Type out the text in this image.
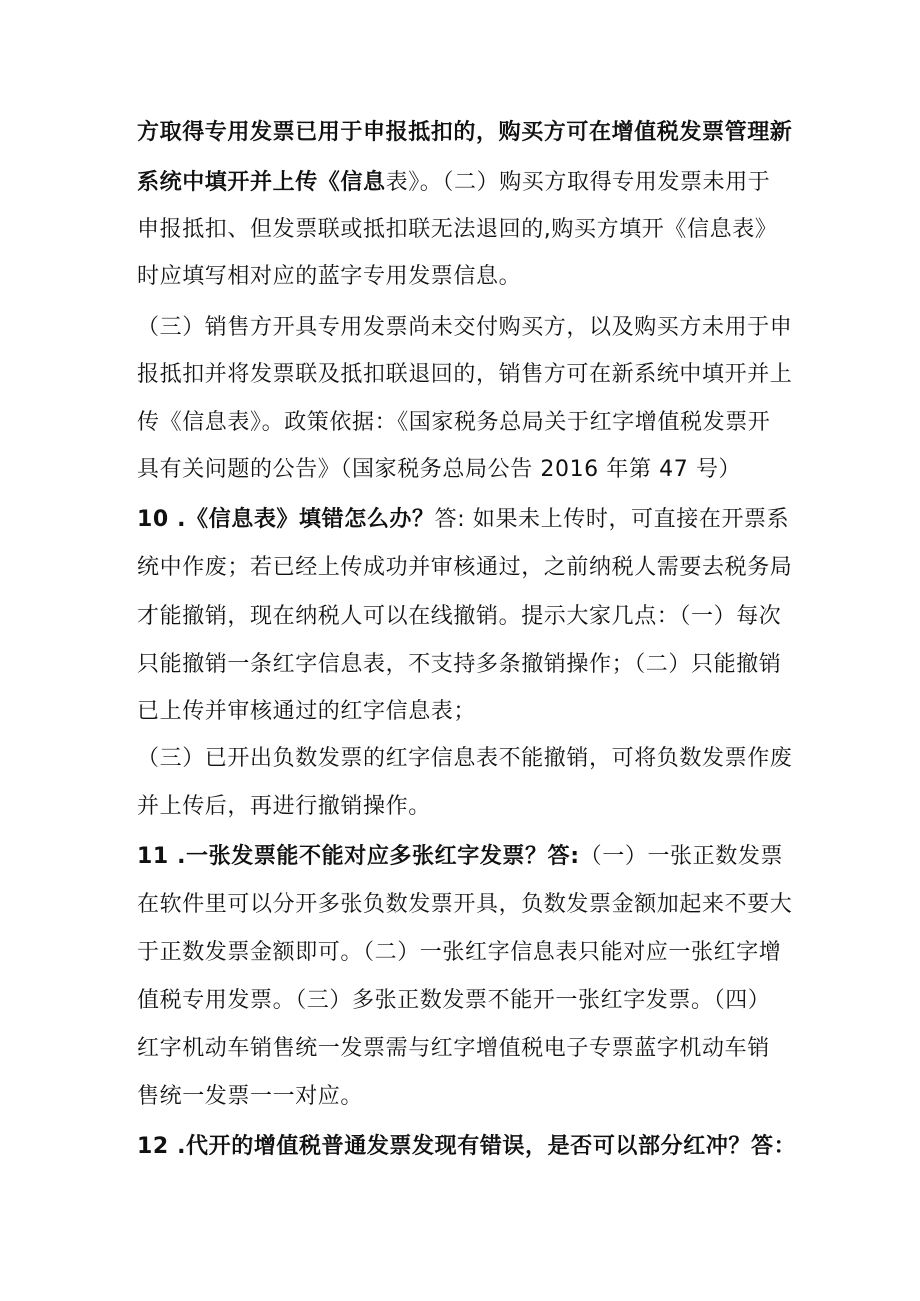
方取得专用发票已用于申报抵扣的，购买方可在增值税发票管理新
系统中填开并上传《信息表》。（二）购买方取得专用发票未用于
申报抵扣、但发票联或抵扣联无法退回的,购买方填开《信息表》
时应填写相对应的蓝字专用发票信息。
（三）销售方开具专用发票尚未交付购买方，以及购买方未用于申
报抵扣并将发票联及抵扣联退回的，销售方可在新系统中填开并上
传《信息表》。政策依据：《国家税务总局关于红字增值税发票开
具有关问题的公告》（国家税务总局公告 2016 年第 47 号）
10 .《信息表》填错怎么办？答: 如果未上传时，可直接在开票系
统中作废；若已经上传成功并审核通过，之前纳税人需要去税务局
才能撤销，现在纳税人可以在线撤销。提示大家几点：（一）每次
只能撤销一条红字信息表，不支持多条撤销操作；（二）只能撤销
已上传并审核通过的红字信息表；
（三）已开出负数发票的红字信息表不能撤销，可将负数发票作废
并上传后，再进行撤销操作。
11 .一张发票能不能对应多张红字发票？答:（一）一张正数发票
在软件里可以分开多张负数发票开具，负数发票金额加起来不要大
于正数发票金额即可。（二）一张红字信息表只能对应一张红字增
值税专用发票。（三）多张正数发票不能开一张红字发票。（四）
红字机动车销售统一发票需与红字增值税电子专票蓝字机动车销
售统一发票一一对应。
12 .代开的增值税普通发票发现有错误，是否可以部分红冲？答：
